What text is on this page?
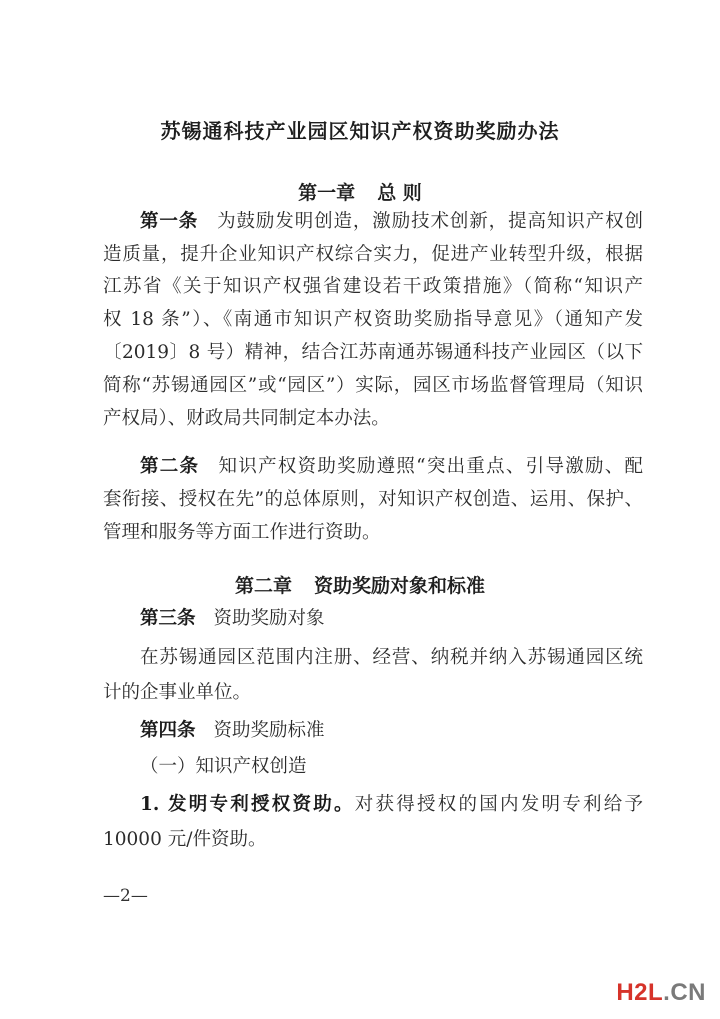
苏锡通科技产业园区知识产权资助奖励办法
第一章 总 则
第一条 为鼓励发明创造，激励技术创新，提高知识产权创
造质量，提升企业知识产权综合实力，促进产业转型升级，根据
江苏省《关于知识产权强省建设若干政策措施》（简称“知识产
权 18 条”）、《南通市知识产权资助奖励指导意见》（通知产发
〔2019〕8 号）精神，结合江苏南通苏锡通科技产业园区（以下
简称“苏锡通园区”或“园区”）实际，园区市场监督管理局（知识
产权局）、财政局共同制定本办法。
第二条 知识产权资助奖励遵照“突出重点、引导激励、配
套衔接、授权在先”的总体原则，对知识产权创造、运用、保护、
管理和服务等方面工作进行资助。
第二章 资助奖励对象和标准
第三条 资助奖励对象
在苏锡通园区范围内注册、经营、纳税并纳入苏锡通园区统
计的企事业单位。
第四条 资助奖励标准
（一）知识产权创造
1. 发明专利授权资助。对获得授权的国内发明专利给予
10000 元/件资助。
—2—
H2L.CN
